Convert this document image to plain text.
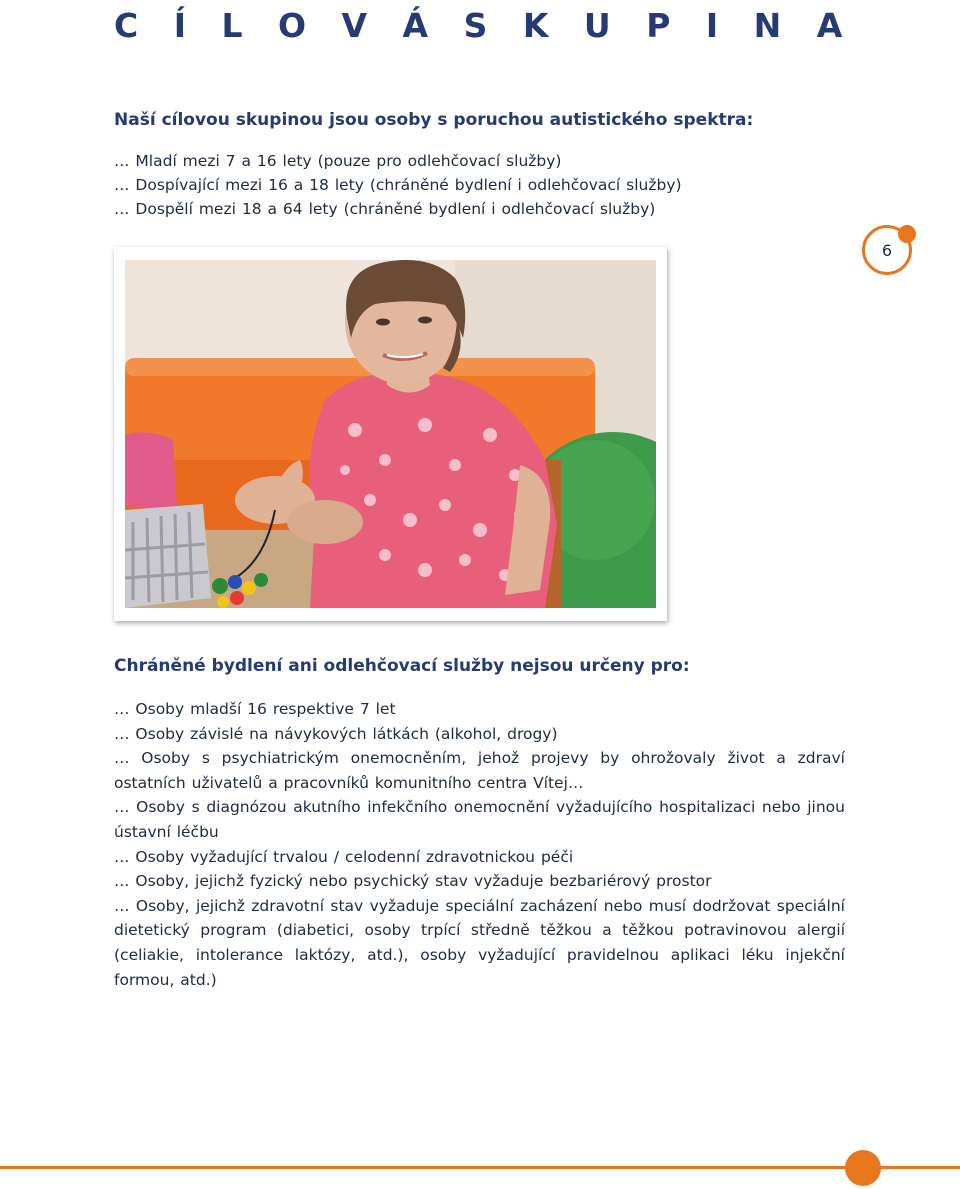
C Í L O V Á S K U P I N A
Naší cílovou skupinou jsou osoby s poruchou autistického spektra:
… Mladí mezi 7 a 16 lety (pouze pro odlehčovací služby)
… Dospívající mezi 16 a 18 lety (chráněné bydlení i odlehčovací služby)
… Dospělí mezi 18 a 64 lety (chráněné bydlení i odlehčovací služby)
6
Chráněné bydlení ani odlehčovací služby nejsou určeny pro:
… Osoby mladší 16 respektive 7 let
… Osoby závislé na návykových látkách (alkohol, drogy)
… Osoby s psychiatrickým onemocněním, jehož projevy by ohrožovaly život a zdraví ostatních uživatelů a pracovníků komunitního centra Vítej…
… Osoby s diagnózou akutního infekčního onemocnění vyžadujícího hospitalizaci nebo jinou ústavní léčbu
… Osoby vyžadující trvalou / celodenní zdravotnickou péči
… Osoby, jejichž fyzický nebo psychický stav vyžaduje bezbariérový prostor
… Osoby, jejichž zdravotní stav vyžaduje speciální zacházení nebo musí dodržovat speciální dietetický program (diabetici, osoby trpící středně těžkou a těžkou potravinovou alergií (celiakie, intolerance laktózy, atd.), osoby vyžadující pravidelnou aplikaci léku injekční formou, atd.)
